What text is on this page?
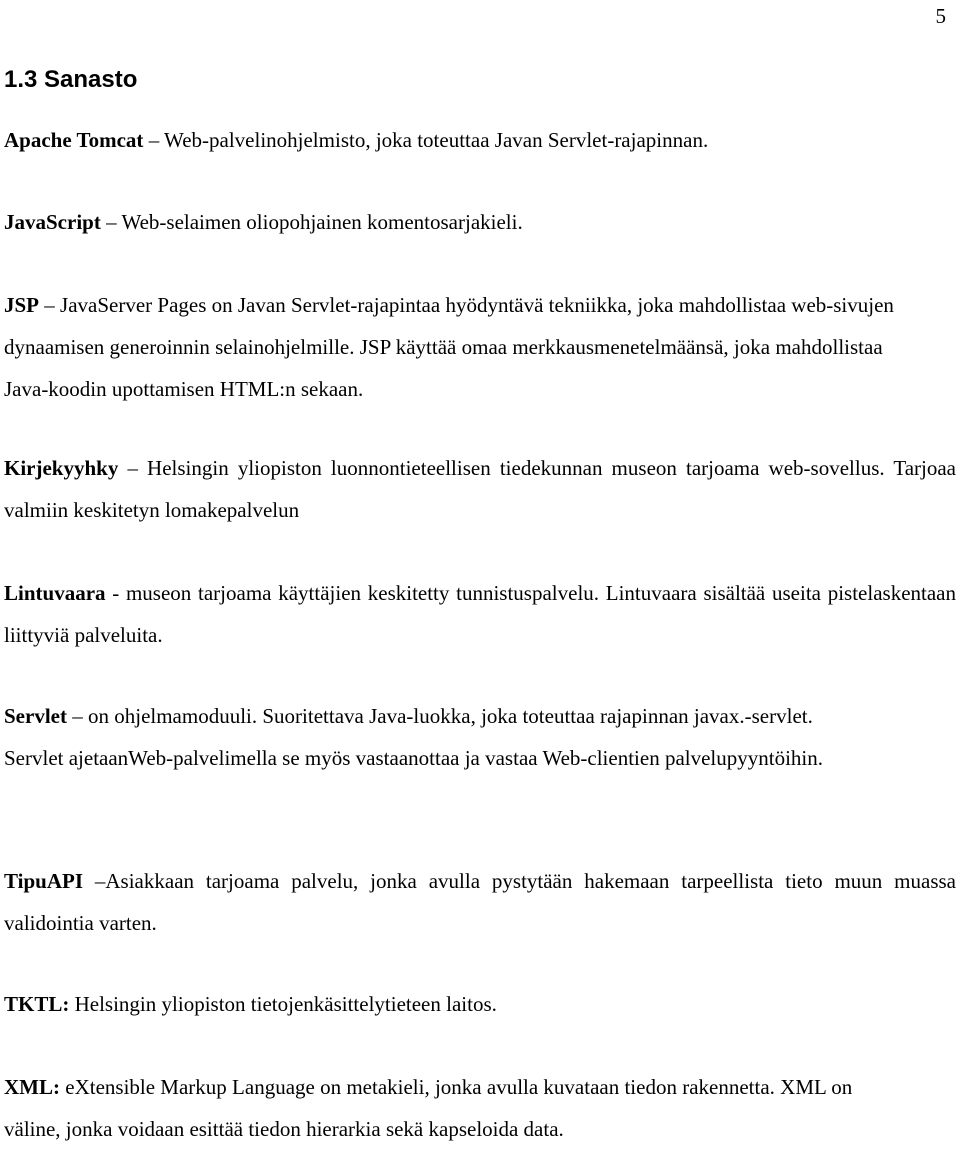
5
1.3 Sanasto

Apache Tomcat – Web-palvelinohjelmisto, joka toteuttaa Javan Servlet-rajapinnan.

JavaScript – Web-selaimen oliopohjainen komentosarjakieli.

JSP – JavaServer Pages on Javan Servlet-rajapintaa hyödyntävä tekniikka, joka mahdollistaa web-sivujen dynaamisen generoinnin selainohjelmille. JSP käyttää omaa merkkausmenetelmäänsä, joka mahdollistaa Java-koodin upottamisen HTML:n sekaan.

Kirjekyyhky – Helsingin yliopiston luonnontieteellisen tiedekunnan museon tarjoama web-sovellus. Tarjoaa valmiin keskitetyn lomakepalvelun

Lintuvaara - museon tarjoama käyttäjien keskitetty tunnistuspalvelu. Lintuvaara sisältää useita pistelaskentaan liittyviä palveluita.

Servlet – on ohjelmamoduuli. Suoritettava Java-luokka, joka toteuttaa rajapinnan javax.-servlet. Servlet ajetaanWeb-palvelimella se myös vastaanottaa ja vastaa Web-clientien palvelupyyntöihin.

TipuAPI –Asiakkaan tarjoama palvelu, jonka avulla pystytään hakemaan tarpeellista tieto muun muassa validointia varten.

TKTL: Helsingin yliopiston tietojenkäsittelytieteen laitos.

XML: eXtensible Markup Language on metakieli, jonka avulla kuvataan tiedon rakennetta. XML on väline, jonka voidaan esittää tiedon hierarkia sekä kapseloida data.
